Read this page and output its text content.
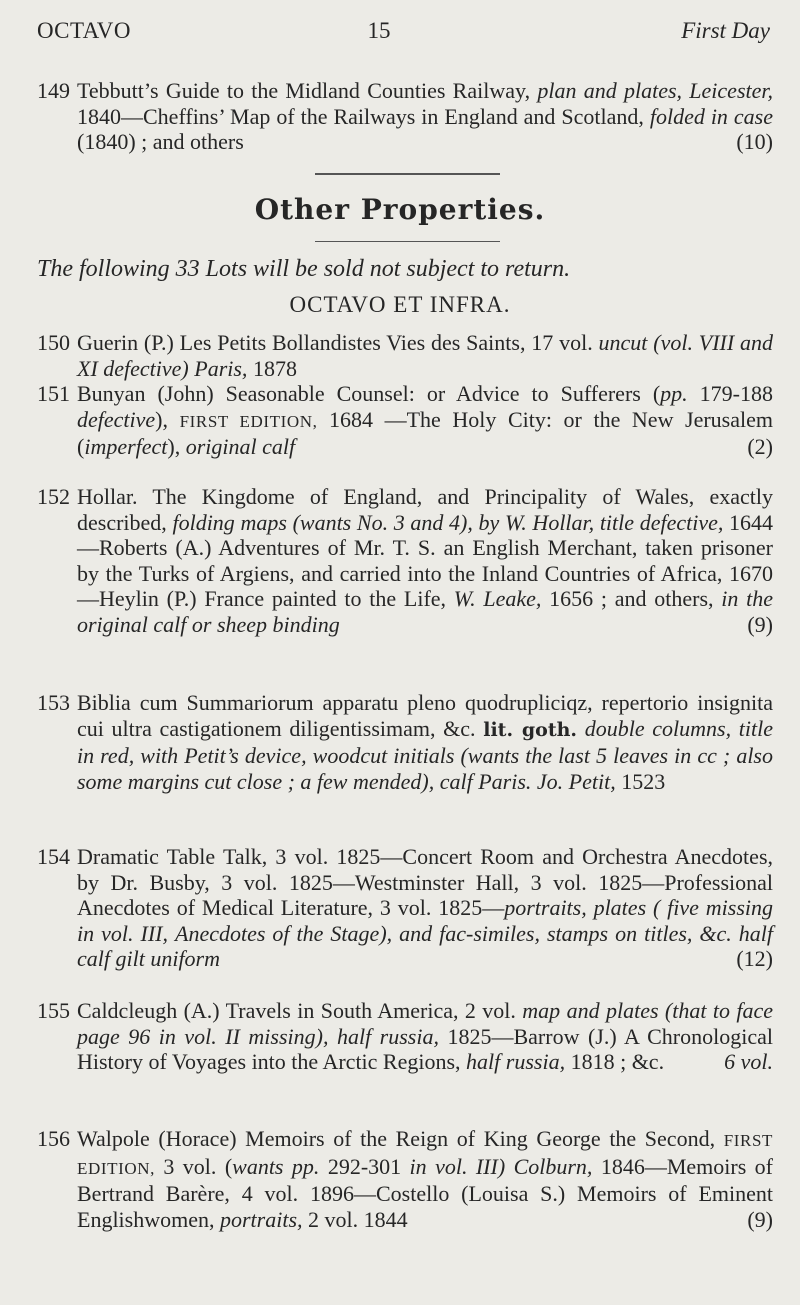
OCTAVO	15	First Day
149 Tebbutt’s Guide to the Midland Counties Railway, plan and plates, Leicester, 1840—Cheffins’ Map of the Railways in England and Scotland, folded in case (1840) ; and others	(10)
Other Properties.
The following 33 Lots will be sold not subject to return.
OCTAVO ET INFRA.
150 Guerin (P.) Les Petits Bollandistes Vies des Saints, 17 vol. uncut (vol. VIII and XI defective) Paris, 1878
151 Bunyan (John) Seasonable Counsel: or Advice to Sufferers (pp. 179-188 defective), FIRST EDITION, 1684 —The Holy City: or the New Jerusalem (imperfect), original calf	(2)
152 Hollar. The Kingdome of England, and Principality of Wales, exactly described, folding maps (wants No. 3 and 4), by W. Hollar, title defective, 1644—Roberts (A.) Adventures of Mr. T. S. an English Merchant, taken prisoner by the Turks of Argiens, and carried into the Inland Countries of Africa, 1670—Heylin (P.) France painted to the Life, W. Leake, 1656 ; and others, in the original calf or sheep binding	(9)
153 Biblia cum Summariorum apparatu pleno quodrupliciqz, repertorio insignita cui ultra castigationem diligentissimam, &c. lit. goth. double columns, title in red, with Petit’s device, woodcut initials (wants the last 5 leaves in cc ; also some margins cut close ; a few mended), calf Paris. Jo. Petit, 1523
154 Dramatic Table Talk, 3 vol. 1825—Concert Room and Orchestra Anecdotes, by Dr. Busby, 3 vol. 1825—Westminster Hall, 3 vol. 1825—Professional Anecdotes of Medical Literature, 3 vol. 1825—portraits, plates ( five missing in vol. III, Anecdotes of the Stage), and fac-similes, stamps on titles, &c. half calf gilt uniform	(12)
155 Caldcleugh (A.) Travels in South America, 2 vol. map and plates (that to face page 96 in vol. II missing), half russia, 1825—Barrow (J.) A Chronological History of Voyages into the Arctic Regions, half russia, 1818 ; &c.	6 vol.
156 Walpole (Horace) Memoirs of the Reign of King George the Second, FIRST EDITION, 3 vol. (wants pp. 292-301 in vol. III) Colburn, 1846—Memoirs of Bertrand Barère, 4 vol. 1896—Costello (Louisa S.) Memoirs of Eminent Englishwomen, portraits, 2 vol. 1844	(9)
